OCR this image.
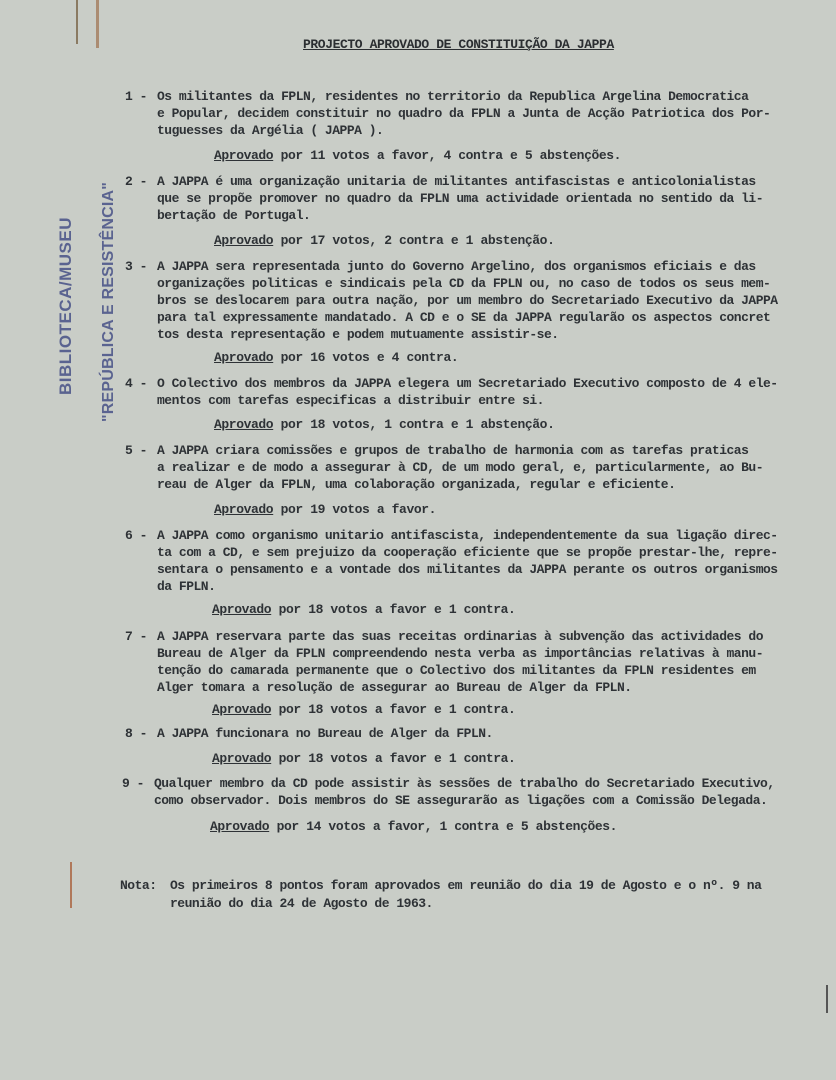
BIBLIOTECA/MUSEU "REPÚBLICA E RESISTÊNCIA"
PROJECTO APROVADO DE CONSTITUIÇÃO DA JAPPA
1 - Os militantes da FPLN, residentes no territorio da Republica Argelina Democratica
e Popular, decidem constituir no quadro da FPLN a Junta de Acção Patriotica dos Por-
tuguesses da Argélia ( JAPPA ).
Aprovado por 11 votos a favor, 4 contra e 5 abstenções.
2 - A JAPPA é uma organização unitaria de militantes antifascistas e anticolonialistas
que se propõe promover no quadro da FPLN uma actividade orientada no sentido da li-
bertação de Portugal.
Aprovado por 17 votos, 2 contra e 1 abstenção.
3 - A JAPPA sera representada junto do Governo Argelino, dos organismos eficiais e das
organizações politicas e sindicais pela CD da FPLN ou, no caso de todos os seus mem-
bros se deslocarem para outra nação, por um membro do Secretariado Executivo da JAPPA
para tal expressamente mandatado. A CD e o SE da JAPPA regularão os aspectos concret
tos desta representação e podem mutuamente assistir-se.
Aprovado por 16 votos e 4 contra.
4 - O Colectivo dos membros da JAPPA elegera um Secretariado Executivo composto de 4 ele-
mentos com tarefas especificas a distribuir entre si.
Aprovado por 18 votos, 1 contra e 1 abstenção.
5 - A JAPPA criara comissões e grupos de trabalho de harmonia com as tarefas praticas
a realizar e de modo a assegurar à CD, de um modo geral, e, particularmente, ao Bu-
reau de Alger da FPLN, uma colaboração organizada, regular e eficiente.
Aprovado por 19 votos a favor.
6 - A JAPPA como organismo unitario antifascista, independentemente da sua ligação direc-
ta com a CD, e sem prejuizo da cooperação eficiente que se propõe prestar-lhe, repre-
sentara o pensamento e a vontade dos militantes da JAPPA perante os outros organismos
da FPLN.
Aprovado por 18 votos a favor e 1 contra.
7 - A JAPPA reservara parte das suas receitas ordinarias à subvenção das actividades do
Bureau de Alger da FPLN compreendendo nesta verba as importâncias relativas à manu-
tenção do camarada permanente que o Colectivo dos militantes da FPLN residentes em
Alger tomara a resolução de assegurar ao Bureau de Alger da FPLN.
Aprovado por 18 votos a favor e 1 contra.
8 - A JAPPA funcionara no Bureau de Alger da FPLN.
Aprovado por 18 votos a favor e 1 contra.
9 - Qualquer membro da CD pode assistir às sessões de trabalho do Secretariado Executivo,
como observador. Dois membros do SE assegurarão as ligações com a Comissão Delegada.
Aprovado por 14 votos a favor, 1 contra e 5 abstenções.
Nota: Os primeiros 8 pontos foram aprovados em reunião do dia 19 de Agosto e o nº. 9 na
reunião do dia 24 de Agosto de 1963.
